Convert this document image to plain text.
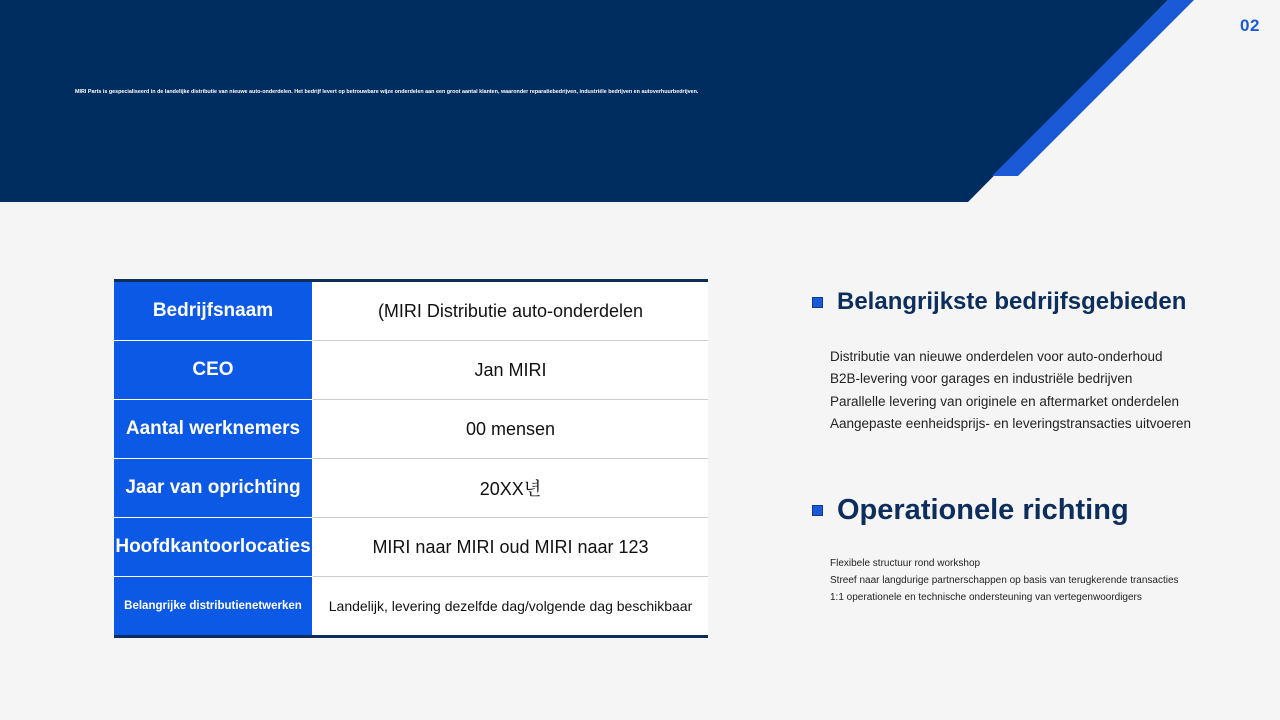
02
MIRI Parts is gespecialiseerd in de landelijke distributie van nieuwe auto-onderdelen. Het bedrijf levert op betrouwbare wijze onderdelen aan een groot aantal klanten, waaronder reparatiebedrijven, industriële bedrijven en autoverhuurbedrijven.
Bedrijfsnaam	(MIRI Distributie auto-onderdelen
CEO	Jan MIRI
Aantal werknemers	00 mensen
Jaar van oprichting	20XX년
Hoofdkantoorlocaties	MIRI naar MIRI oud MIRI naar 123
Belangrijke distributienetwerken	Landelijk, levering dezelfde dag/volgende dag beschikbaar
Belangrijkste bedrijfsgebieden
Distributie van nieuwe onderdelen voor auto-onderhoud
B2B-levering voor garages en industriële bedrijven
Parallelle levering van originele en aftermarket onderdelen
Aangepaste eenheidsprijs- en leveringstransacties uitvoeren
Operationele richting
Flexibele structuur rond workshop
Streef naar langdurige partnerschappen op basis van terugkerende transacties
1:1 operationele en technische ondersteuning van vertegenwoordigers
